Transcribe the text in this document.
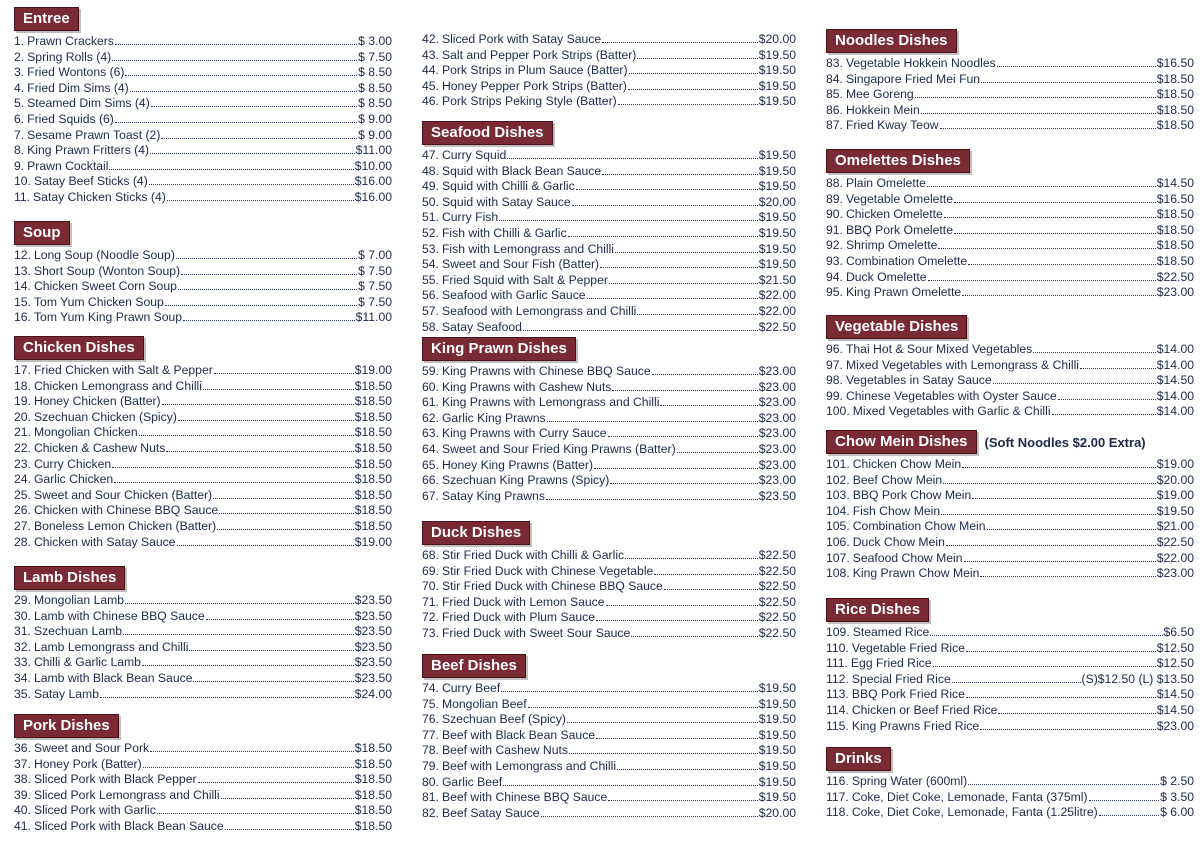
Entree
1. Prawn Crackers	$ 3.00
2. Spring Rolls (4)	$ 7.50
3. Fried Wontons (6)	$ 8.50
4. Fried Dim Sims (4)	$ 8.50
5. Steamed Dim Sims (4)	$ 8.50
6. Fried Squids (6)	$ 9.00
7. Sesame Prawn Toast (2)	$ 9.00
8. King Prawn Fritters (4)	$11.00
9. Prawn Cocktail	$10.00
10. Satay Beef Sticks (4)	$16.00
11. Satay Chicken Sticks (4)	$16.00
Soup
12. Long Soup (Noodle Soup)	$ 7.00
13. Short Soup (Wonton Soup)	$ 7.50
14. Chicken Sweet Corn Soup	$ 7.50
15. Tom Yum Chicken Soup	$ 7.50
16. Tom Yum King Prawn Soup	$11.00
Chicken Dishes
17. Fried Chicken with Salt & Pepper	$19.00
18. Chicken Lemongrass and Chilli	$18.50
19. Honey Chicken (Batter)	$18.50
20. Szechuan Chicken (Spicy)	$18.50
21. Mongolian Chicken	$18.50
22. Chicken & Cashew Nuts	$18.50
23. Curry Chicken	$18.50
24. Garlic Chicken	$18.50
25. Sweet and Sour Chicken (Batter)	$18.50
26. Chicken with Chinese BBQ Sauce	$18.50
27. Boneless Lemon Chicken (Batter)	$18.50
28. Chicken with Satay Sauce	$19.00
Lamb Dishes
29. Mongolian Lamb	$23.50
30. Lamb with Chinese BBQ Sauce	$23.50
31. Szechuan Lamb	$23.50
32. Lamb Lemongrass and Chilli	$23.50
33. Chilli & Garlic Lamb	$23.50
34. Lamb with Black Bean Sauce	$23.50
35. Satay Lamb	$24.00
Pork Dishes
36. Sweet and Sour Pork	$18.50
37. Honey Pork (Batter)	$18.50
38. Sliced Pork with Black Pepper	$18.50
39. Sliced Pork Lemongrass and Chilli	$18.50
40. Sliced Pork with Garlic	$18.50
41. Sliced Pork with Black Bean Sauce	$18.50
42. Sliced Pork with Satay Sauce	$20.00
43. Salt and Pepper Pork Strips (Batter)	$19.50
44. Pork Strips in Plum Sauce (Batter)	$19.50
45. Honey Pepper Pork Strips (Batter)	$19.50
46. Pork Strips Peking Style (Batter)	$19.50
Seafood Dishes
47. Curry Squid	$19.50
48. Squid with Black Bean Sauce	$19.50
49. Squid with Chilli & Garlic	$19.50
50. Squid with Satay Sauce	$20.00
51. Curry Fish	$19.50
52. Fish with Chilli & Garlic	$19.50
53. Fish with Lemongrass and Chilli	$19.50
54. Sweet and Sour Fish (Batter)	$19.50
55. Fried Squid with Salt & Pepper	$21.50
56. Seafood with Garlic Sauce	$22.00
57. Seafood with Lemongrass and Chilli	$22.00
58. Satay Seafood	$22.50
King Prawn Dishes
59. King Prawns with Chinese BBQ Sauce	$23.00
60. King Prawns with Cashew Nuts	$23.00
61. King Prawns with Lemongrass and Chilli	$23.00
62. Garlic King Prawns	$23.00
63. King Prawns with Curry Sauce	$23.00
64. Sweet and Sour Fried King Prawns (Batter)	$23.00
65. Honey King Prawns (Batter)	$23.00
66. Szechuan King Prawns (Spicy)	$23.00
67. Satay King Prawns	$23.50
Duck Dishes
68. Stir Fried Duck with Chilli & Garlic	$22.50
69. Stir Fried Duck with Chinese Vegetable	$22.50
70. Stir Fried Duck with Chinese BBQ Sauce	$22.50
71. Fried Duck with Lemon Sauce	$22.50
72. Fried Duck with Plum Sauce	$22.50
73. Fried Duck with Sweet Sour Sauce	$22.50
Beef Dishes
74. Curry Beef	$19.50
75. Mongolian Beef	$19.50
76. Szechuan Beef (Spicy)	$19.50
77. Beef with Black Bean Sauce	$19.50
78. Beef with Cashew Nuts	$19.50
79. Beef with Lemongrass and Chilli	$19.50
80. Garlic Beef	$19.50
81. Beef with Chinese BBQ Sauce	$19.50
82. Beef Satay Sauce	$20.00
Noodles Dishes
83. Vegetable Hokkein Noodles	$16.50
84. Singapore Fried Mei Fun	$18.50
85. Mee Goreng	$18.50
86. Hokkein Mein	$18.50
87. Fried Kway Teow	$18.50
Omelettes Dishes
88. Plain Omelette	$14.50
89. Vegetable Omelette	$16.50
90. Chicken Omelette	$18.50
91. BBQ Pork Omelette	$18.50
92. Shrimp Omelette	$18.50
93. Combination Omelette	$18.50
94. Duck Omelette	$22.50
95. King Prawn Omelette	$23.00
Vegetable Dishes
96. Thai Hot & Sour Mixed Vegetables	$14.00
97. Mixed Vegetables with Lemongrass & Chilli	$14.00
98. Vegetables in Satay Sauce	$14.50
99. Chinese Vegetables with Oyster Sauce	$14.00
100. Mixed Vegetables with Garlic & Chilli	$14.00
Chow Mein Dishes	(Soft Noodles $2.00 Extra)
101. Chicken Chow Mein	$19.00
102. Beef Chow Mein	$20.00
103. BBQ Pork Chow Mein	$19.00
104. Fish Chow Mein	$19.50
105. Combination Chow Mein	$21.00
106. Duck Chow Mein	$22.50
107. Seafood Chow Mein	$22.00
108. King Prawn Chow Mein	$23.00
Rice Dishes
109. Steamed Rice	$6.50
110. Vegetable Fried Rice	$12.50
111. Egg Fried Rice	$12.50
112. Special Fried Rice	(S)$12.50 (L) $13.50
113. BBQ Pork Fried Rice	$14.50
114. Chicken or Beef Fried Rice	$14.50
115. King Prawns Fried Rice	$23.00
Drinks
116. Spring Water (600ml)	$ 2.50
117. Coke, Diet Coke, Lemonade, Fanta (375ml)	$ 3.50
118. Coke, Diet Coke, Lemonade, Fanta (1.25litre)	$ 6.00
